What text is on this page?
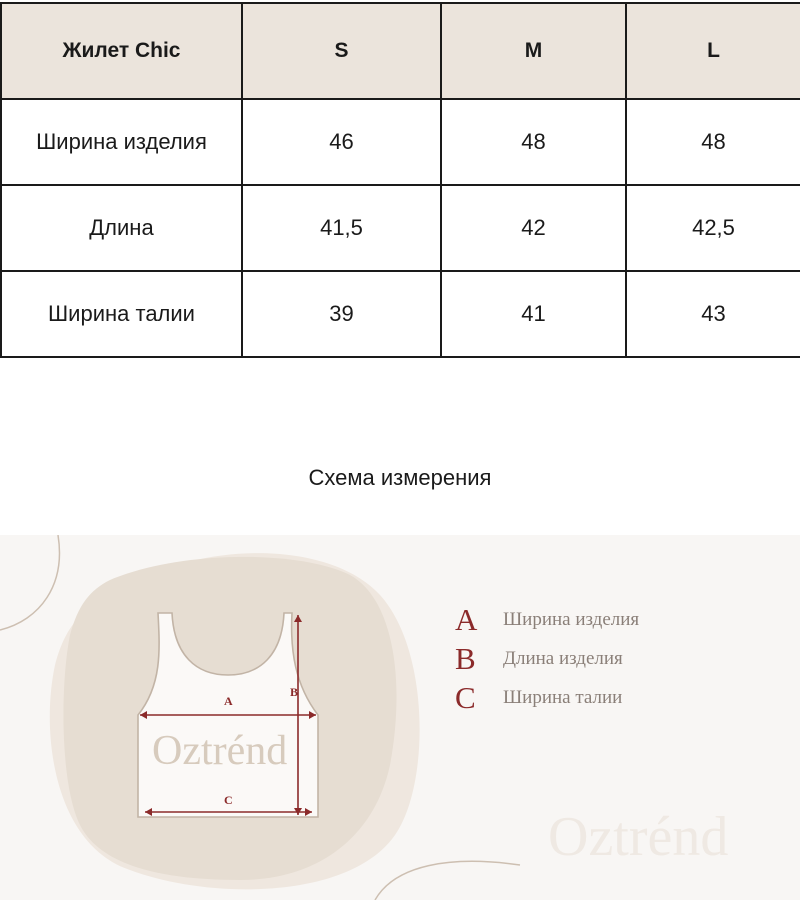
Жилет Chic	S	M	L
Ширина изделия	46	48	48
Длина	41,5	42	42,5
Ширина талии	39	41	43
Схема измерения
Oztrénd
A
B
C
A	Ширина изделия
B	Длина изделия
C	Ширина талии
Oztrénd
